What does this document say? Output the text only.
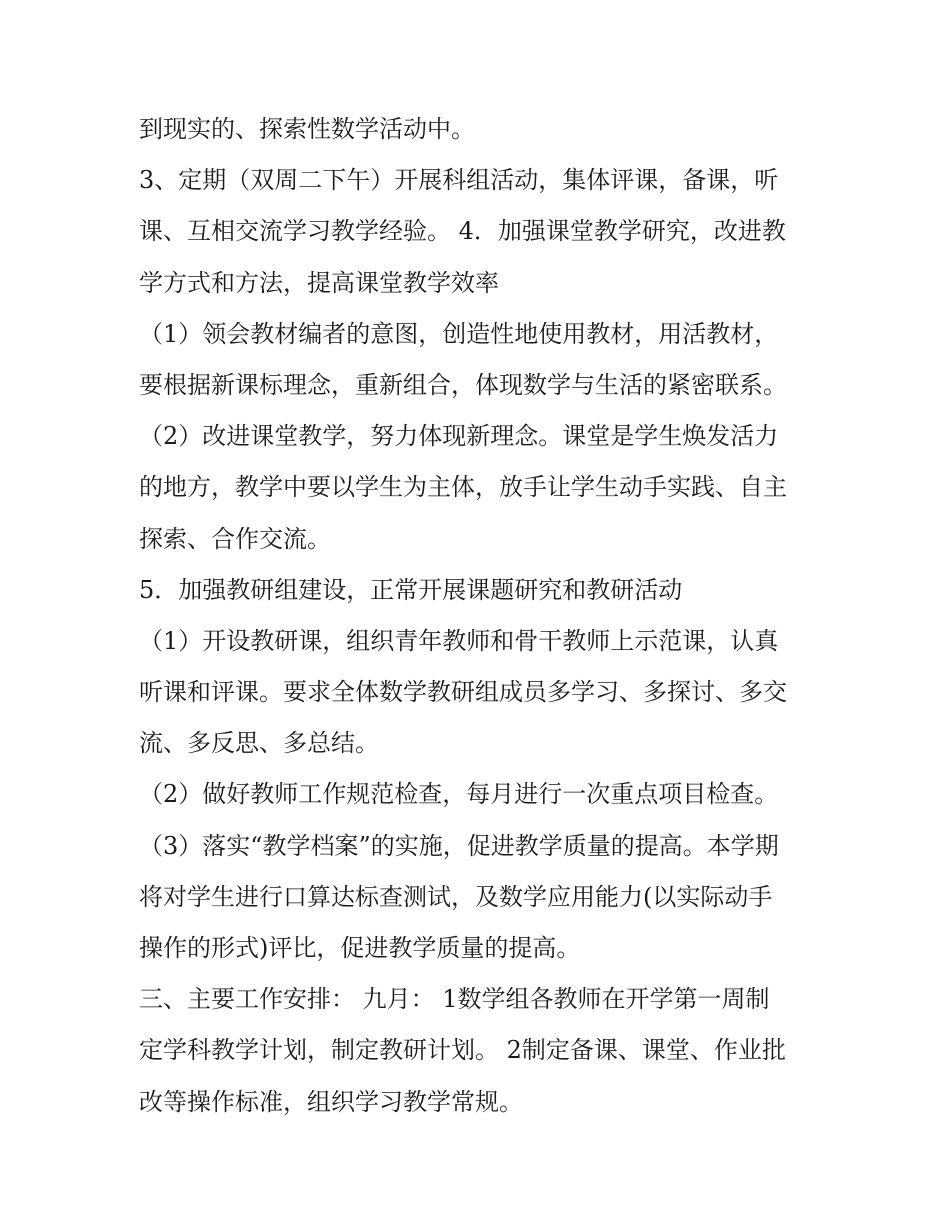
到现实的、探索性数学活动中。
3、定期（双周二下午）开展科组活动，集体评课，备课，听
课、互相交流学习教学经验。 4．加强课堂教学研究，改进教
学方式和方法，提高课堂教学效率
（1）领会教材编者的意图，创造性地使用教材，用活教材，
要根据新课标理念，重新组合，体现数学与生活的紧密联系。
（2）改进课堂教学，努力体现新理念。课堂是学生焕发活力
的地方，教学中要以学生为主体，放手让学生动手实践、自主
探索、合作交流。
5．加强教研组建设，正常开展课题研究和教研活动
（1）开设教研课，组织青年教师和骨干教师上示范课，认真
听课和评课。要求全体数学教研组成员多学习、多探讨、多交
流、多反思、多总结。
（2）做好教师工作规范检查，每月进行一次重点项目检查。
（3）落实“教学档案”的实施，促进教学质量的提高。本学期
将对学生进行口算达标查测试，及数学应用能力(以实际动手
操作的形式)评比，促进教学质量的提高。
三、主要工作安排： 九月： 1数学组各教师在开学第一周制
定学科教学计划，制定教研计划。 2制定备课、课堂、作业批
改等操作标准，组织学习教学常规。
